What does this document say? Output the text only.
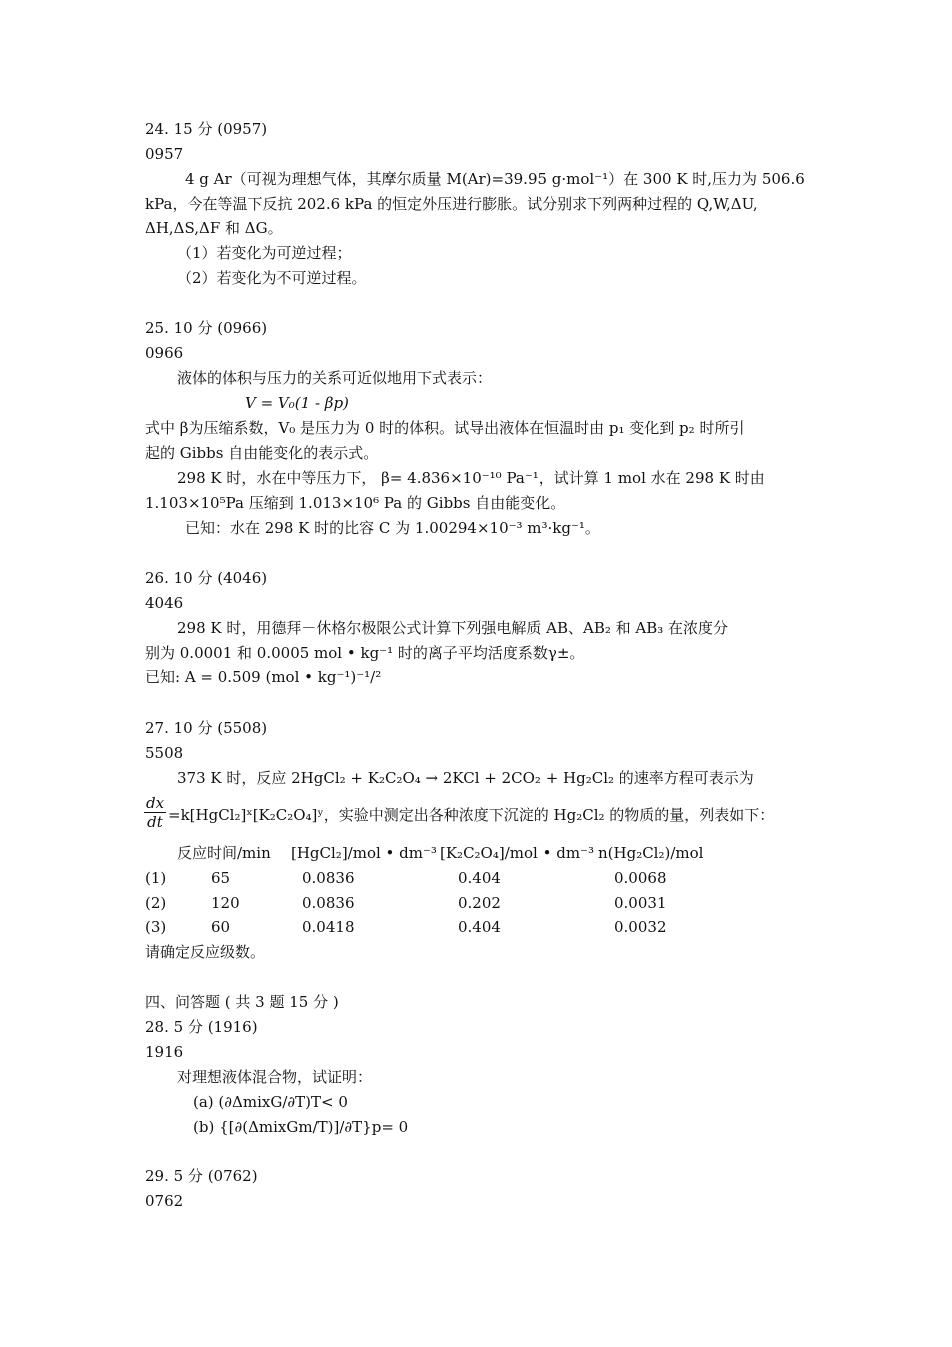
24. 15 分 (0957)
0957
4 g Ar（可视为理想气体，其摩尔质量 M(Ar)=39.95 g·mol⁻¹）在 300 K 时,压力为 506.6
kPa，今在等温下反抗 202.6 kPa 的恒定外压进行膨胀。试分别求下列两种过程的 Q,W,ΔU,
ΔH,ΔS,ΔF 和 ΔG。
（1）若变化为可逆过程；
（2）若变化为不可逆过程。
25. 10 分 (0966)
0966
液体的体积与压力的关系可近似地用下式表示：
V = V₀(1 - βp)
式中 β为压缩系数，V₀ 是压力为 0 时的体积。试导出液体在恒温时由 p₁ 变化到 p₂ 时所引
起的 Gibbs 自由能变化的表示式。
298 K 时，水在中等压力下， β= 4.836×10⁻¹⁰ Pa⁻¹，试计算 1 mol 水在 298 K 时由
1.103×10⁵Pa 压缩到 1.013×10⁶ Pa 的 Gibbs 自由能变化。
已知：水在 298 K 时的比容 C 为 1.00294×10⁻³ m³·kg⁻¹。
26. 10 分 (4046)
4046
298 K 时，用德拜－休格尔极限公式计算下列强电解质 AB、AB₂ 和 AB₃ 在浓度分
别为 0.0001 和 0.0005 mol • kg⁻¹ 时的离子平均活度系数γ±。
已知: A = 0.509 (mol • kg⁻¹)⁻¹/²
27. 10 分 (5508)
5508
373 K 时，反应 2HgCl₂ + K₂C₂O₄ → 2KCl + 2CO₂ + Hg₂Cl₂ 的速率方程可表示为
$\frac{dx}{dt}$ =k[HgCl₂]ˣ[K₂C₂O₄]ʸ，实验中测定出各种浓度下沉淀的 Hg₂Cl₂ 的物质的量，列表如下：
反应时间/min [HgCl₂]/mol • dm⁻³ [K₂C₂O₄]/mol • dm⁻³ n(Hg₂Cl₂)/mol
(1)	65	0.0836	0.404	0.0068
(2)	120	0.0836	0.202	0.0031
(3)	60	0.0418	0.404	0.0032
请确定反应级数。
四、问答题 ( 共 3 题 15 分 )
28. 5 分 (1916)
1916
对理想液体混合物，试证明：
(a) (∂ΔmixG/∂T)T< 0
(b) {[∂(ΔmixGm/T)]/∂T}p= 0
29. 5 分 (0762)
0762
